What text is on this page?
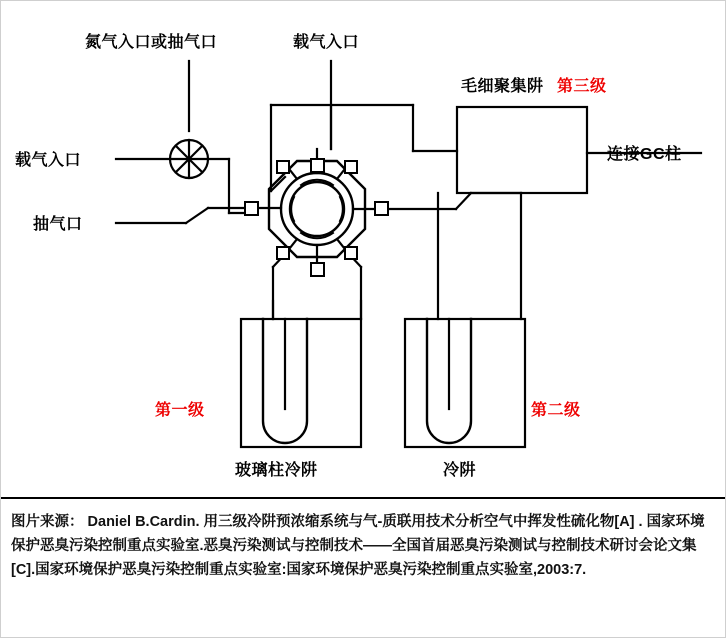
氮气入口或抽气口	载气入口
毛细聚集阱 第三级
载气入口	连接GC柱
抽气口
第一级	第二级
玻璃柱冷阱	冷阱
图片来源： Daniel B.Cardin. 用三级冷阱预浓缩系统与气-质联用技术分析空气中挥发性硫化物[A] . 国家环境保护恶臭污染控制重点实验室.恶臭污染测试与控制技术——全国首届恶臭污染测试与控制技术研讨会论文集[C].国家环境保护恶臭污染控制重点实验室:国家环境保护恶臭污染控制重点实验室,2003:7.
